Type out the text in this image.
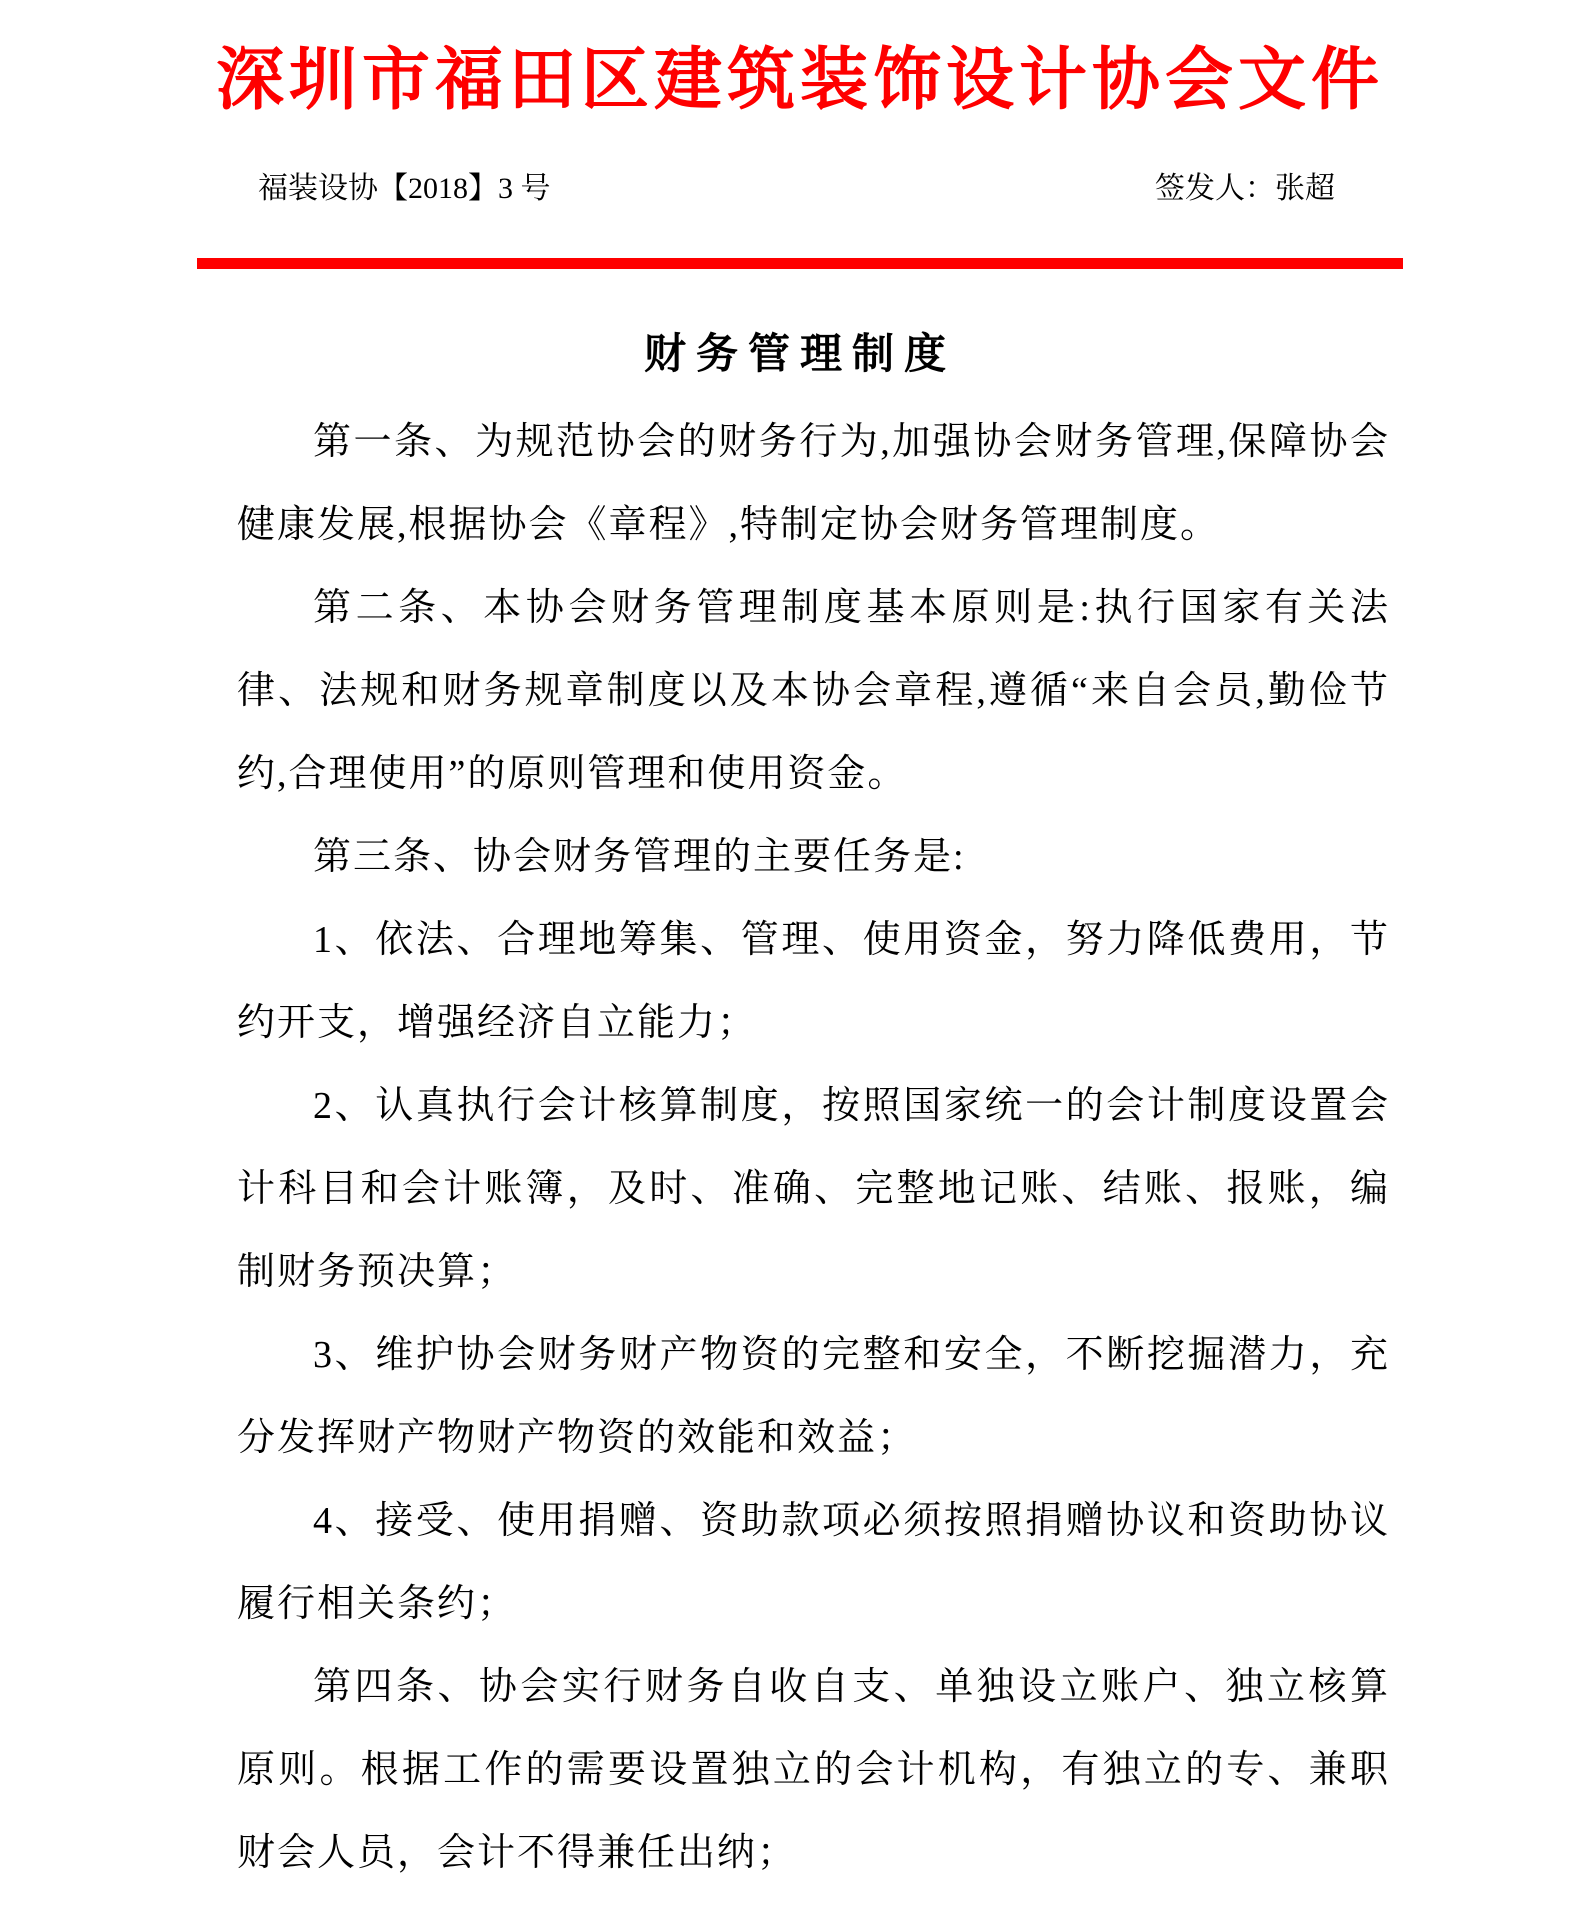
深圳市福田区建筑装饰设计协会文件
福装设协【2018】3 号	签发人：张超
财务管理制度

第一条、为规范协会的财务行为,加强协会财务管理,保障协会健康发展,根据协会《章程》,特制定协会财务管理制度。

第二条、本协会财务管理制度基本原则是:执行国家有关法律、法规和财务规章制度以及本协会章程,遵循“来自会员,勤俭节约,合理使用”的原则管理和使用资金。

第三条、协会财务管理的主要任务是:

1、依法、合理地筹集、管理、使用资金，努力降低费用，节约开支，增强经济自立能力；

2、认真执行会计核算制度，按照国家统一的会计制度设置会计科目和会计账簿，及时、准确、完整地记账、结账、报账，编制财务预决算；

3、维护协会财务财产物资的完整和安全，不断挖掘潜力，充分发挥财产物财产物资的效能和效益；

4、接受、使用捐赠、资助款项必须按照捐赠协议和资助协议履行相关条约；

第四条、协会实行财务自收自支、单独设立账户、独立核算原则。根据工作的需要设置独立的会计机构，有独立的专、兼职财会人员，会计不得兼任出纳；
